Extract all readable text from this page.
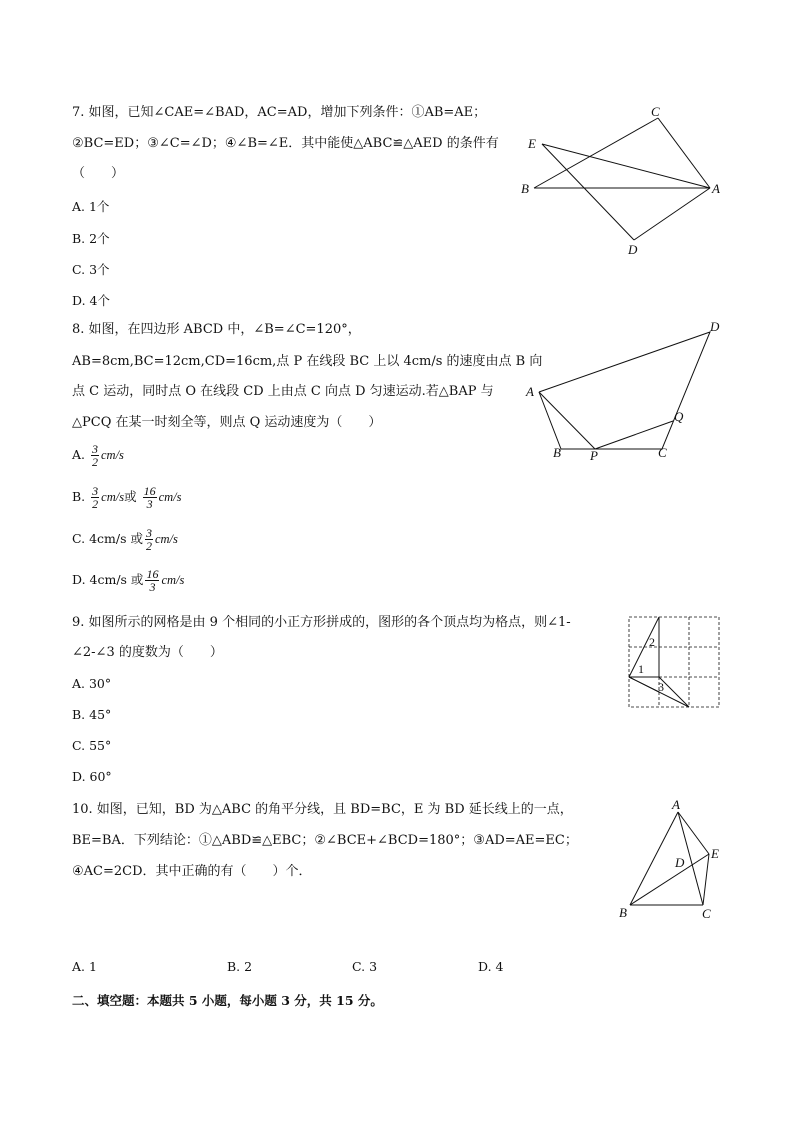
7. 如图，已知∠CAE=∠BAD，AC=AD，增加下列条件：①AB=AE；
②BC=ED；③∠C=∠D；④∠B=∠E．其中能使△ABC≌△AED 的条件有
（　　）
A. 1个
B. 2个
C. 3个
D. 4个
C
E
B	A
D
8. 如图，在四边形 ABCD 中，∠B=∠C=120°，
AB=8cm,BC=12cm,CD=16cm,点 P 在线段 BC 上以 4cm/s 的速度由点 B 向
点 C 运动，同时点 O 在线段 CD 上由点 C 向点 D 匀速运动.若△BAP 与
△PCQ 在某一时刻全等，则点 Q 运动速度为（　　）
A. $\frac{3}{2} cm/s$
B. $\frac{3}{2} cm/s$或 $\frac{16}{3} cm/s$
C. 4cm/s 或 $\frac{3}{2} cm/s$
D. 4cm/s 或 $\frac{16}{3} cm/s$
A
B P	C
Q
D
9. 如图所示的网格是由 9 个相同的小正方形拼成的，图形的各个顶点均为格点，则∠1-
∠2-∠3 的度数为（　　）
A. 30°
B. 45°
C. 55°
D. 60°
2
1
3
10. 如图，已知，BD 为△ABC 的角平分线，且 BD=BC，E 为 BD 延长线上的一点，
BE=BA．下列结论：①△ABD≌△EBC；②∠BCE+∠BCD=180°；③AD=AE=EC；
④AC=2CD．其中正确的有（　　）个．
A
B	C
D
E
A. 1	B. 2	C. 3	D. 4
二、填空题：本题共 5 小题，每小题 3 分，共 15 分。
